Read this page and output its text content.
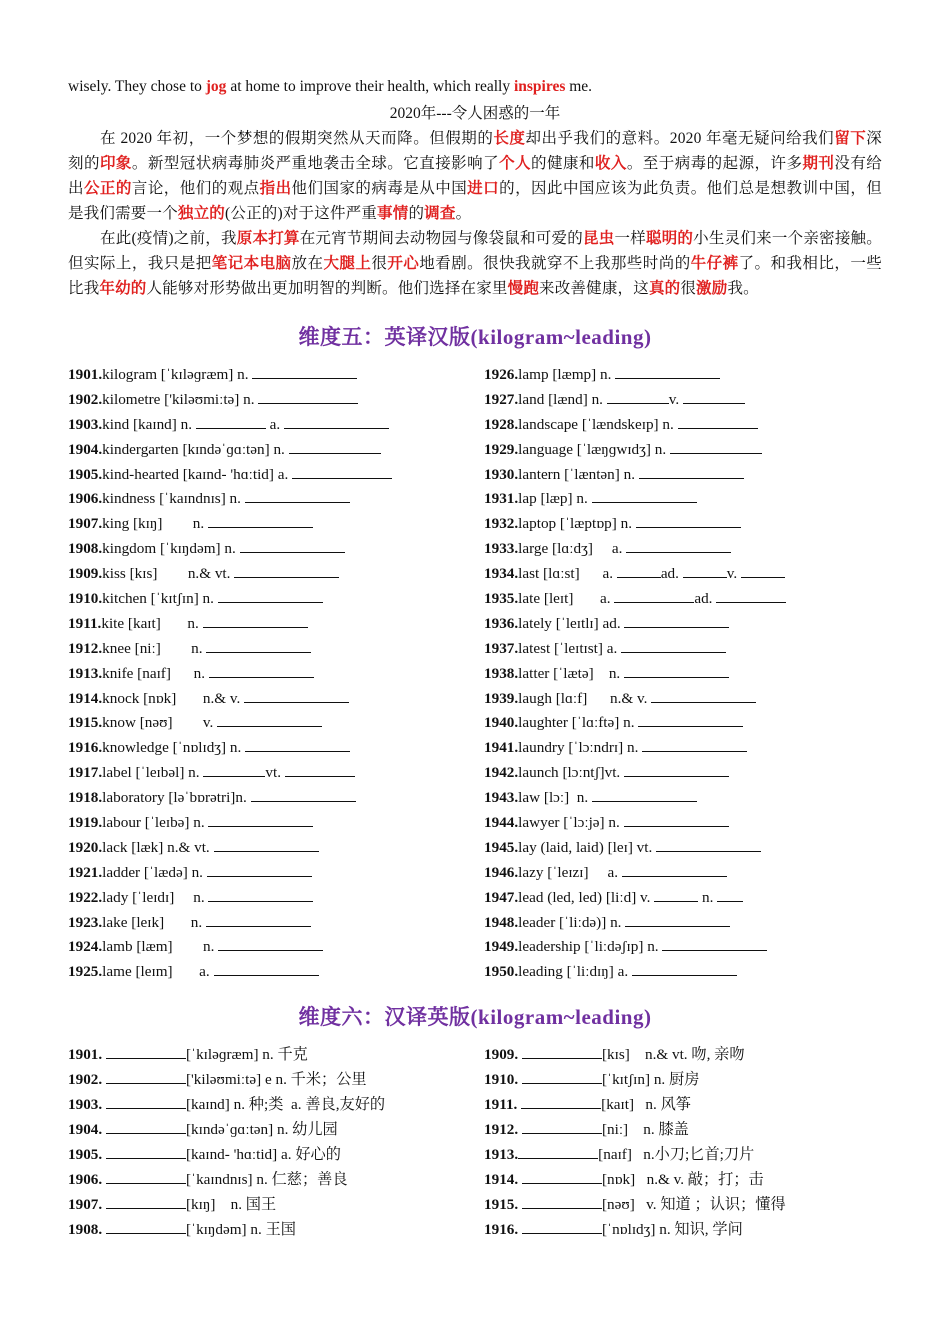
wisely. They chose to jog at home to improve their health, which really inspires me.
2020年---令人困惑的一年
在 2020 年初，一个梦想的假期突然从天而降。但假期的长度却出乎我们的意料。2020 年毫无疑问给我们留下深刻的印象。新型冠状病毒肺炎严重地袭击全球。它直接影响了个人的健康和收入。至于病毒的起源，许多期刊没有给出公正的言论，他们的观点指出他们国家的病毒是从中国进口的，因此中国应该为此负责。他们总是想教训中国，但是我们需要一个独立的(公正的)对于这件严重事情的调查。
在此(疫情)之前，我原本打算在元宵节期间去动物园与像袋鼠和可爱的昆虫一样聪明的小生灵们来一个亲密接触。但实际上，我只是把笔记本电脑放在大腿上很开心地看剧。很快我就穿不上我那些时尚的牛仔裤了。和我相比，一些比我年幼的人能够对形势做出更加明智的判断。他们选择在家里慢跑来改善健康，这真的很激励我。
维度五：英译汉版(kilogram~leading)
1901.kilogram [ˈkɪləɡræm] n.
1902.kilometre ['kiləʊmiːtə] n.
1903.kind [kaɪnd] n.	a.
1904.kindergarten [kɪndəˈɡɑːtən] n.
1905.kind-hearted [kaɪnd- 'hɑːtid] a.
1906.kindness [ˈkaɪndnɪs] n.
1907.king [kɪŋ]        n.
1908.kingdom [ˈkɪŋdəm] n.
1909.kiss [kɪs]        n.& vt.
1910.kitchen [ˈkɪtʃɪn] n.
1911.kite [kaɪt]       n.
1912.knee [niː]        n.
1913.knife [naɪf]      n.
1914.knock [nɒk]       n.& v.
1915.know [nəʊ]        v.
1916.knowledge [ˈnɒlɪdʒ] n.
1917.label [ˈleɪbəl] n.	vt.
1918.laboratory [ləˈbɒrətri]n.
1919.labour [ˈleɪbə] n.
1920.lack [læk] n.& vt.
1921.ladder [ˈlædə] n.
1922.lady [ˈleɪdɪ]     n.
1923.lake [leɪk]       n.
1924.lamb [læm]        n.
1925.lame [leɪm]       a.
1926.lamp [læmp] n.
1927.land [lænd] n.	v.
1928.landscape [ˈlændskeɪp] n.
1929.language [ˈlæŋɡwɪdʒ] n.
1930.lantern [ˈlæntən] n.
1931.lap [læp] n.
1932.laptop [ˈlæptɒp] n.
1933.large [lɑːdʒ]     a.
1934.last [lɑːst]      a.	ad.	v.
1935.late [leɪt]       a.	ad.
1936.lately [ˈleɪtlɪ] ad.
1937.latest [ˈleɪtɪst] a.
1938.latter [ˈlætə]    n.
1939.laugh [lɑːf]      n.& v.
1940.laughter [ˈlɑːftə] n.
1941.laundry [ˈlɔːndrɪ] n.
1942.launch [lɔːntʃ]vt.
1943.law [lɔː]  n.
1944.lawyer [ˈlɔːjə] n.
1945.lay (laid, laid) [leɪ] vt.
1946.lazy [ˈleɪzɪ]     a.
1947.lead (led, led) [liːd] v.	n.
1948.leader [ˈliːdə)] n.
1949.leadership [ˈliːdəʃɪp] n.
1950.leading [ˈliːdɪŋ] a.
维度六：汉译英版(kilogram~leading)
1901.	[ˈkɪləɡræm] n. 千克
1902.	['kiləʊmiːtə] e n. 千米；公里
1903.	[kaɪnd] n. 种;类  a. 善良,友好的
1904.	[kɪndəˈɡɑːtən] n. 幼儿园
1905.	[kaɪnd- 'hɑːtid] a. 好心的
1906.	[ˈkaɪndnɪs] n. 仁慈；善良
1907.	[kɪŋ]    n. 国王
1908.	[ˈkɪŋdəm] n. 王国
1909.	[kɪs]    n.& vt. 吻, 亲吻
1910.	[ˈkɪtʃɪn] n. 厨房
1911.	[kaɪt]   n. 风筝
1912.	[niː]    n. 膝盖
1913.	[naɪf]   n.小刀;匕首;刀片
1914.	[nɒk]   n.& v. 敲；打；击
1915.	[nəʊ]   v. 知道 ；认识；懂得
1916.	[ˈnɒlɪdʒ] n. 知识, 学问
